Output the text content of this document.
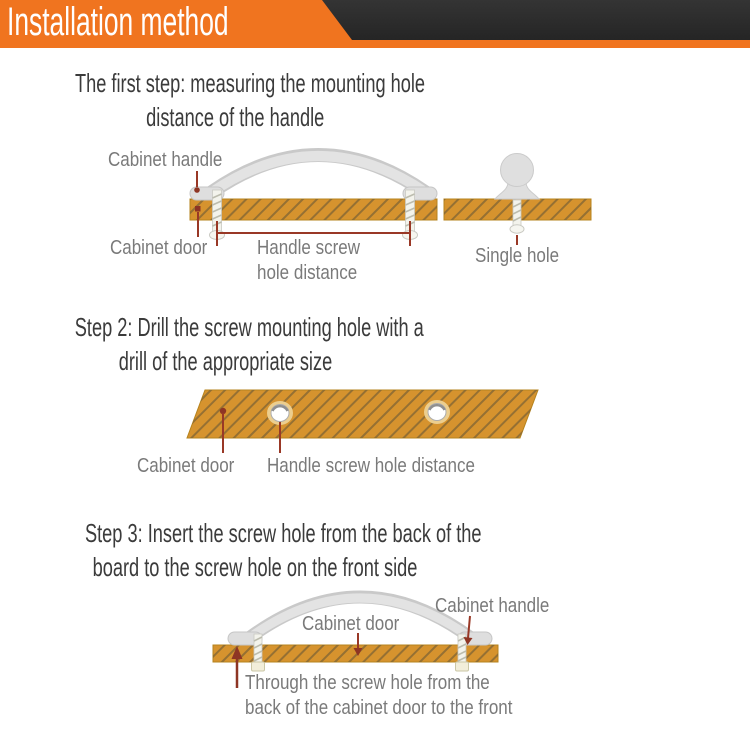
Installation method
The first step: measuring the mounting hole
distance of the handle
Cabinet handle
Cabinet door Handle screw
hole distance
Single hole
Step 2: Drill the screw mounting hole with a
drill of the appropriate size
Cabinet door Handle screw hole distance
Step 3: Insert the screw hole from the back of the
board to the screw hole on the front side
Cabinet handle
Cabinet door
Through the screw hole from the
back of the cabinet door to the front
